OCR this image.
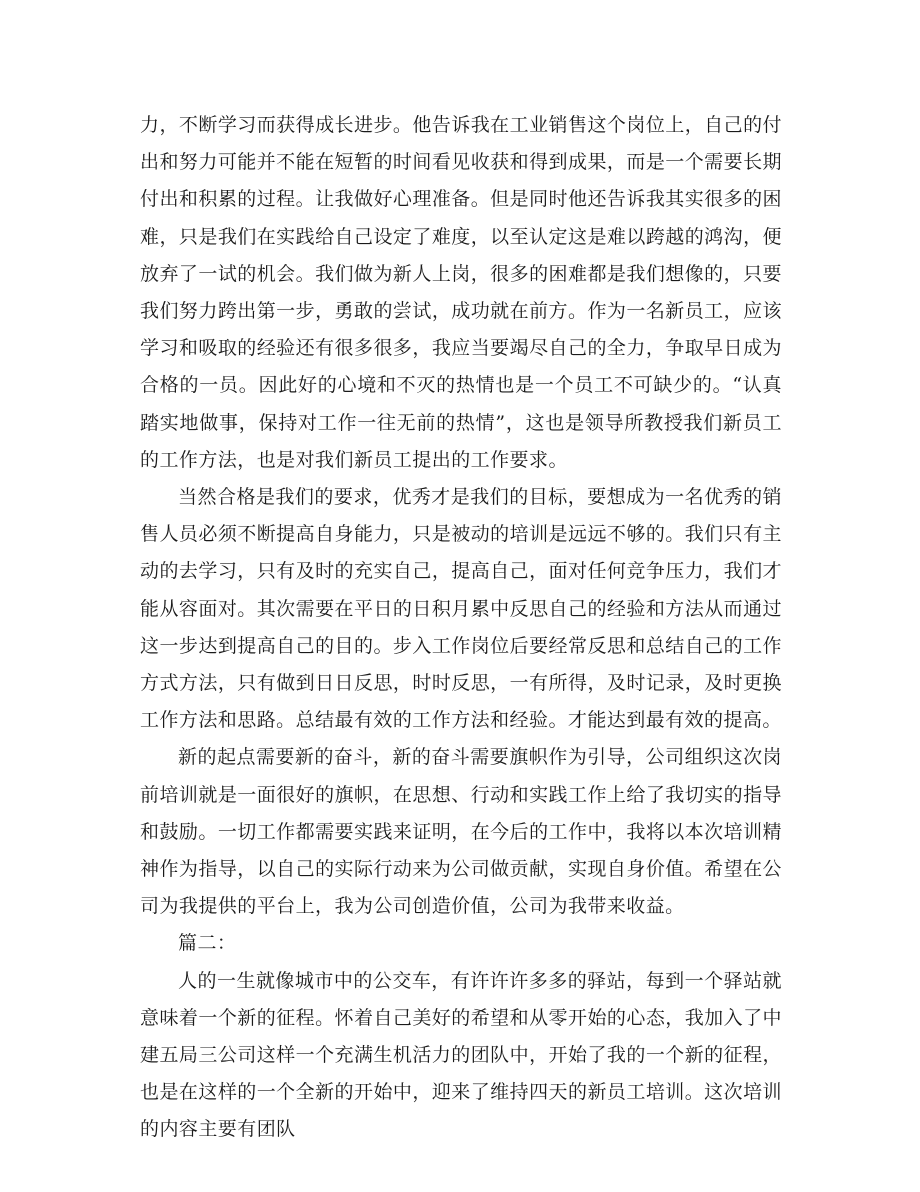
力，不断学习而获得成长进步。他告诉我在工业销售这个岗位上，自己的付出和努力可能并不能在短暂的时间看见收获和得到成果，而是一个需要长期付出和积累的过程。让我做好心理准备。但是同时他还告诉我其实很多的困难，只是我们在实践给自己设定了难度，以至认定这是难以跨越的鸿沟，便放弃了一试的机会。我们做为新人上岗，很多的困难都是我们想像的，只要我们努力跨出第一步，勇敢的尝试，成功就在前方。作为一名新员工，应该学习和吸取的经验还有很多很多，我应当要竭尽自己的全力，争取早日成为合格的一员。因此好的心境和不灭的热情也是一个员工不可缺少的。“认真踏实地做事，保持对工作一往无前的热情”，这也是领导所教授我们新员工的工作方法，也是对我们新员工提出的工作要求。

当然合格是我们的要求，优秀才是我们的目标，要想成为一名优秀的销售人员必须不断提高自身能力，只是被动的培训是远远不够的。我们只有主动的去学习，只有及时的充实自己，提高自己，面对任何竞争压力，我们才能从容面对。其次需要在平日的日积月累中反思自己的经验和方法从而通过这一步达到提高自己的目的。步入工作岗位后要经常反思和总结自己的工作方式方法，只有做到日日反思，时时反思，一有所得，及时记录，及时更换工作方法和思路。总结最有效的工作方法和经验。才能达到最有效的提高。

新的起点需要新的奋斗，新的奋斗需要旗帜作为引导，公司组织这次岗前培训就是一面很好的旗帜，在思想、行动和实践工作上给了我切实的指导和鼓励。一切工作都需要实践来证明，在今后的工作中，我将以本次培训精神作为指导，以自己的实际行动来为公司做贡献，实现自身价值。希望在公司为我提供的平台上，我为公司创造价值，公司为我带来收益。

篇二：

人的一生就像城市中的公交车，有许许许多多的驿站，每到一个驿站就意味着一个新的征程。怀着自己美好的希望和从零开始的心态，我加入了中建五局三公司这样一个充满生机活力的团队中，开始了我的一个新的征程，也是在这样的一个全新的开始中，迎来了维持四天的新员工培训。这次培训的内容主要有团队
